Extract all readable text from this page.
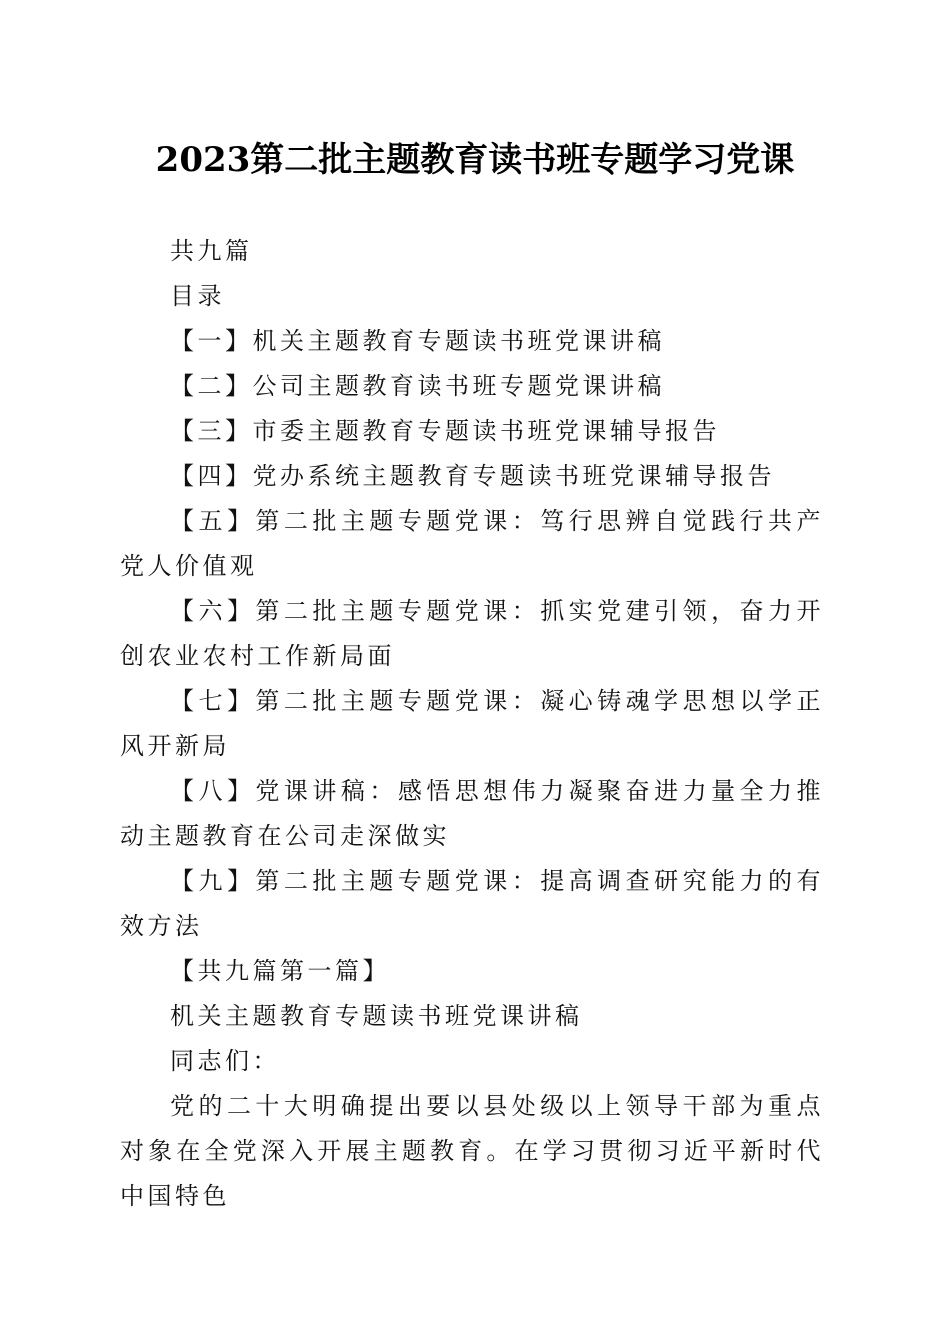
2023第二批主题教育读书班专题学习党课

共九篇

目录

【一】机关主题教育专题读书班党课讲稿

【二】公司主题教育读书班专题党课讲稿

【三】市委主题教育专题读书班党课辅导报告

【四】党办系统主题教育专题读书班党课辅导报告

【五】第二批主题专题党课：笃行思辨自觉践行共产党人价值观

【六】第二批主题专题党课：抓实党建引领，奋力开创农业农村工作新局面

【七】第二批主题专题党课：凝心铸魂学思想以学正风开新局

【八】党课讲稿：感悟思想伟力凝聚奋进力量全力推动主题教育在公司走深做实

【九】第二批主题专题党课：提高调查研究能力的有效方法

【共九篇第一篇】

机关主题教育专题读书班党课讲稿

同志们：

党的二十大明确提出要以县处级以上领导干部为重点对象在全党深入开展主题教育。在学习贯彻习近平新时代中国特色
